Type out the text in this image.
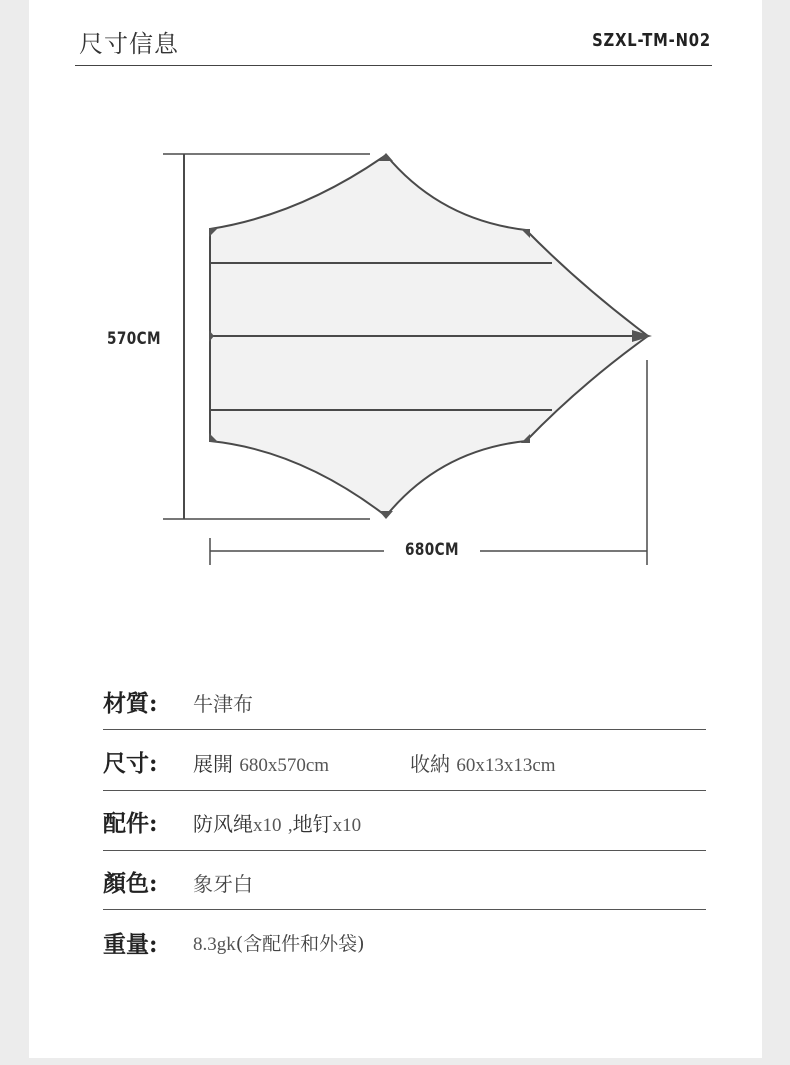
尺寸信息	SZXL-TM-N02
570CM
680CM
材質: 牛津布
尺寸: 展開 680x570cm	收納 60x13x13cm
配件: 防风绳x10 ,地钉x10
顏色: 象牙白
重量: 8.3gk(含配件和外袋)
